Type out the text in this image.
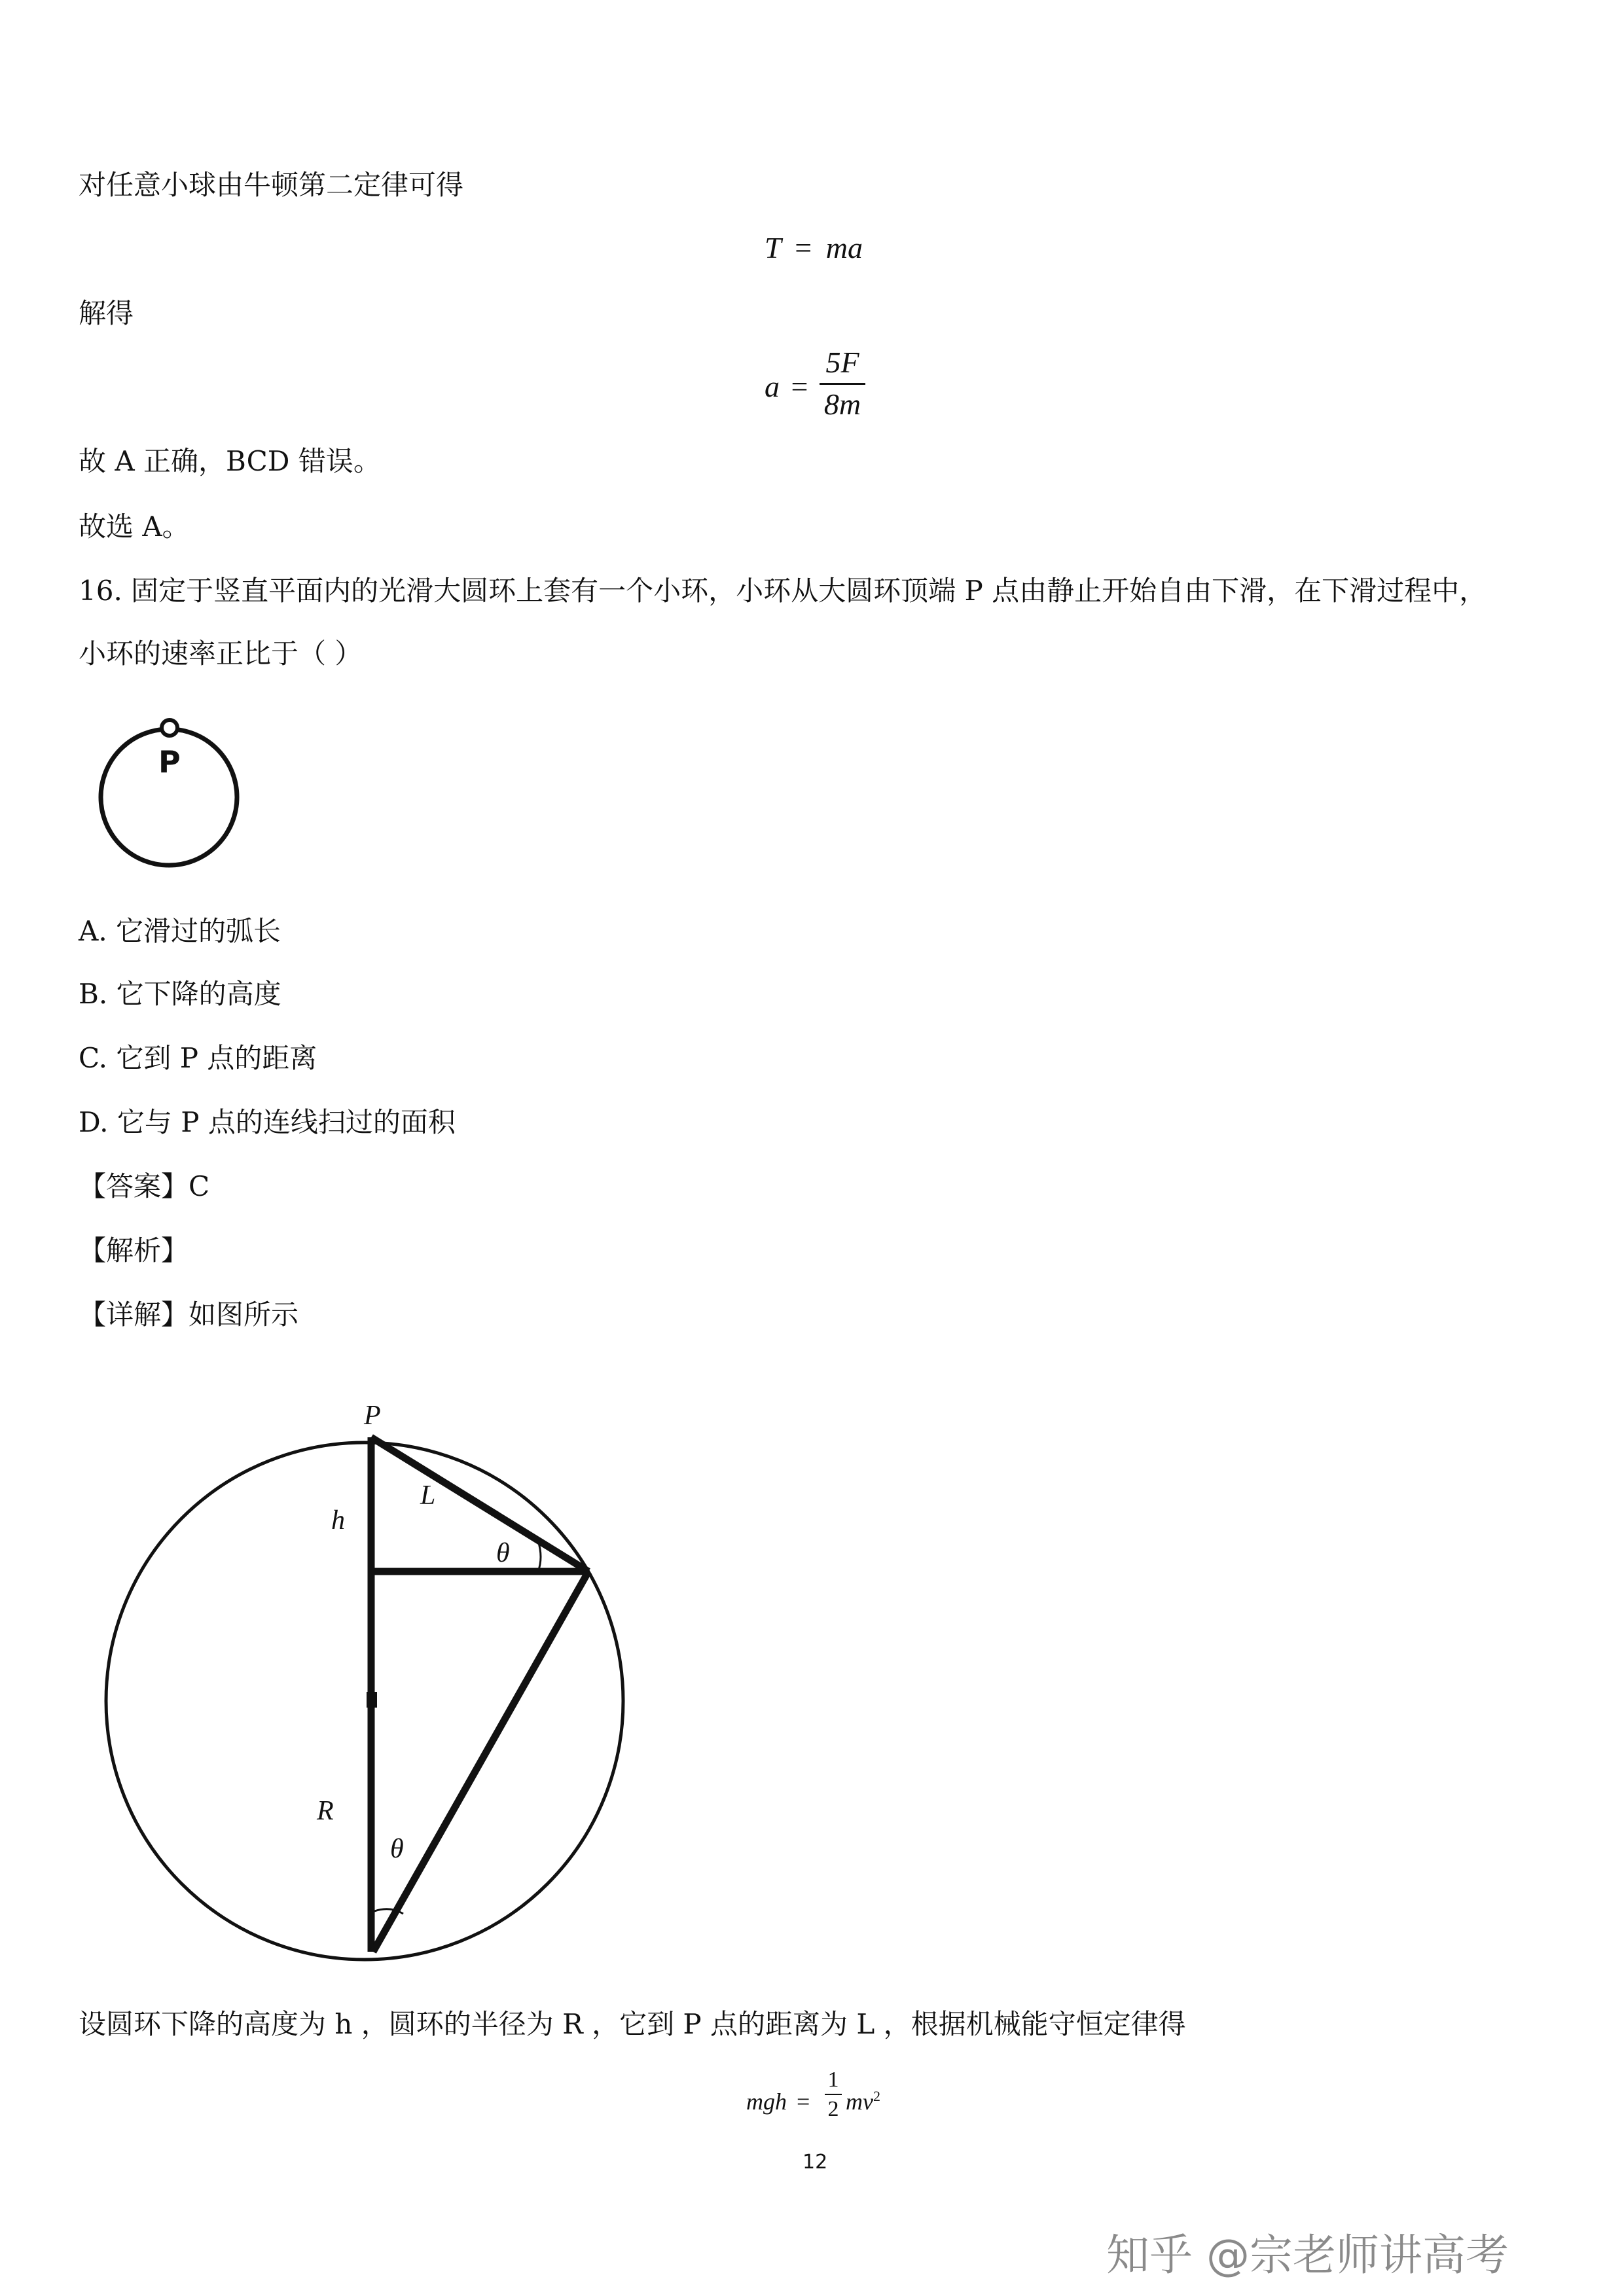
对任意小球由牛顿第二定律可得
T = ma
解得
a =
5F
8m
故 A 正确，BCD 错误。
故选 A。
16. 固定于竖直平面内的光滑大圆环上套有一个小环，小环从大圆环顶端 P 点由静止开始自由下滑，在下滑过程中，
小环的速率正比于（ ）
P
A. 它滑过的弧长
B. 它下降的高度
C. 它到 P 点的距离
D. 它与 P 点的连线扫过的面积
【答案】C
【解析】
【详解】如图所示
P
h
L
θ
R
θ
设圆环下降的高度为 h ，圆环的半径为 R ，它到 P 点的距离为 L ，根据机械能守恒定律得
mgh =
1
2 $mv^2$
12
知乎 @宗老师讲高考
